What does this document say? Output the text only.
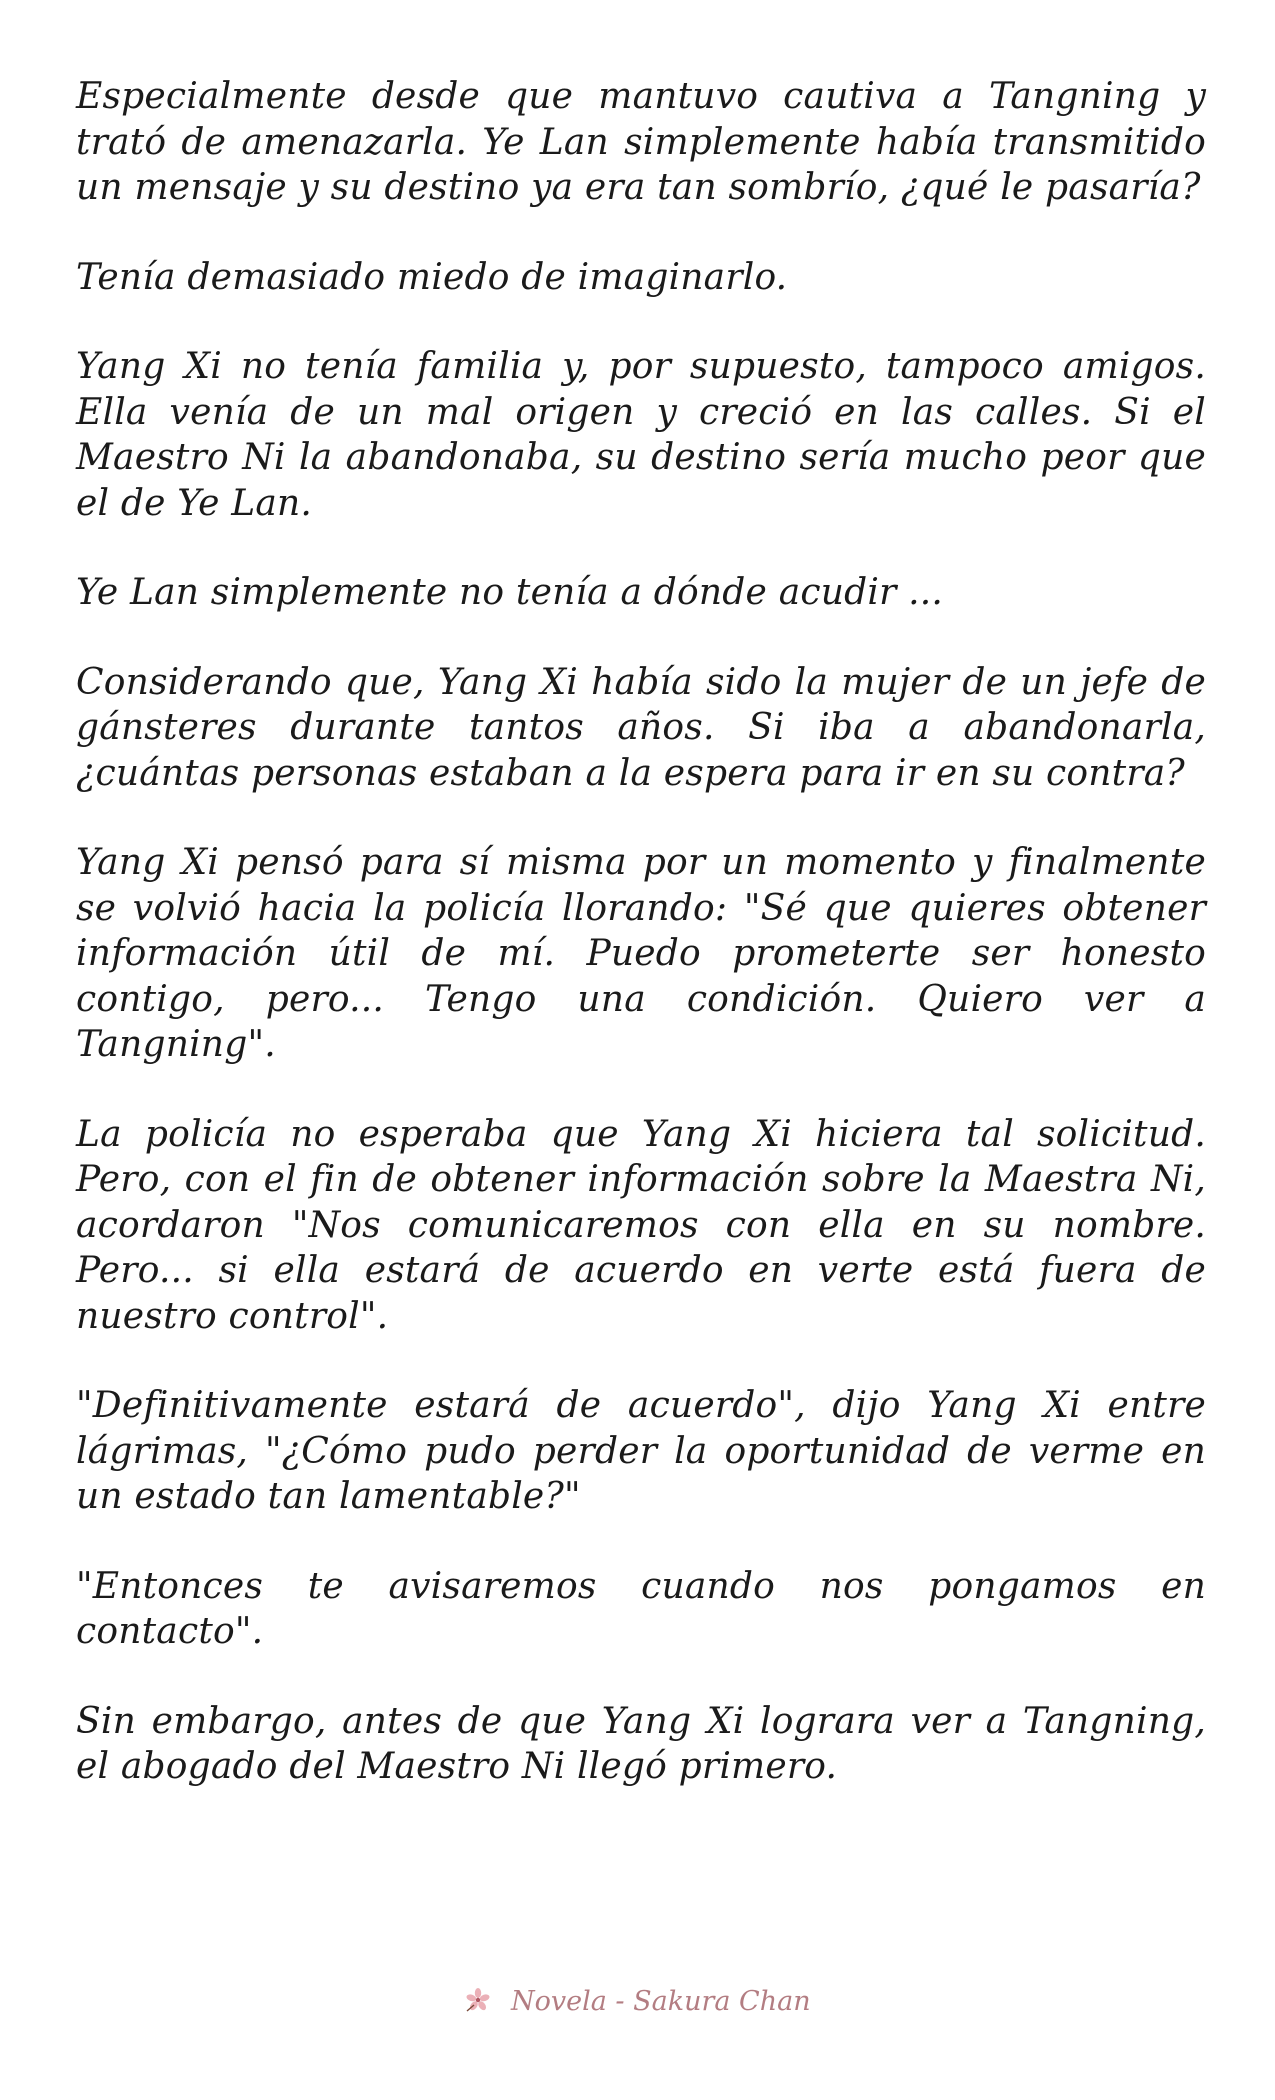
Especialmente desde que mantuvo cautiva a Tangning y trató de amenazarla. Ye Lan simplemente había transmitido un mensaje y su destino ya era tan sombrío, ¿qué le pasaría?

Tenía demasiado miedo de imaginarlo.

Yang Xi no tenía familia y, por supuesto, tampoco amigos. Ella venía de un mal origen y creció en las calles. Si el Maestro Ni la abandonaba, su destino sería mucho peor que el de Ye Lan.

Ye Lan simplemente no tenía a dónde acudir ...

Considerando que, Yang Xi había sido la mujer de un jefe de gánsteres durante tantos años. Si iba a abandonarla, ¿cuántas personas estaban a la espera para ir en su contra?

Yang Xi pensó para sí misma por un momento y finalmente se volvió hacia la policía llorando: "Sé que quieres obtener información útil de mí. Puedo prometerte ser honesto contigo, pero... Tengo una condición. Quiero ver a Tangning".

La policía no esperaba que Yang Xi hiciera tal solicitud. Pero, con el fin de obtener información sobre la Maestra Ni, acordaron "Nos comunicaremos con ella en su nombre. Pero... si ella estará de acuerdo en verte está fuera de nuestro control".

"Definitivamente estará de acuerdo", dijo Yang Xi entre lágrimas, "¿Cómo pudo perder la oportunidad de verme en un estado tan lamentable?"

"Entonces te avisaremos cuando nos pongamos en contacto".

Sin embargo, antes de que Yang Xi lograra ver a Tangning, el abogado del Maestro Ni llegó primero.

Novela - Sakura Chan
